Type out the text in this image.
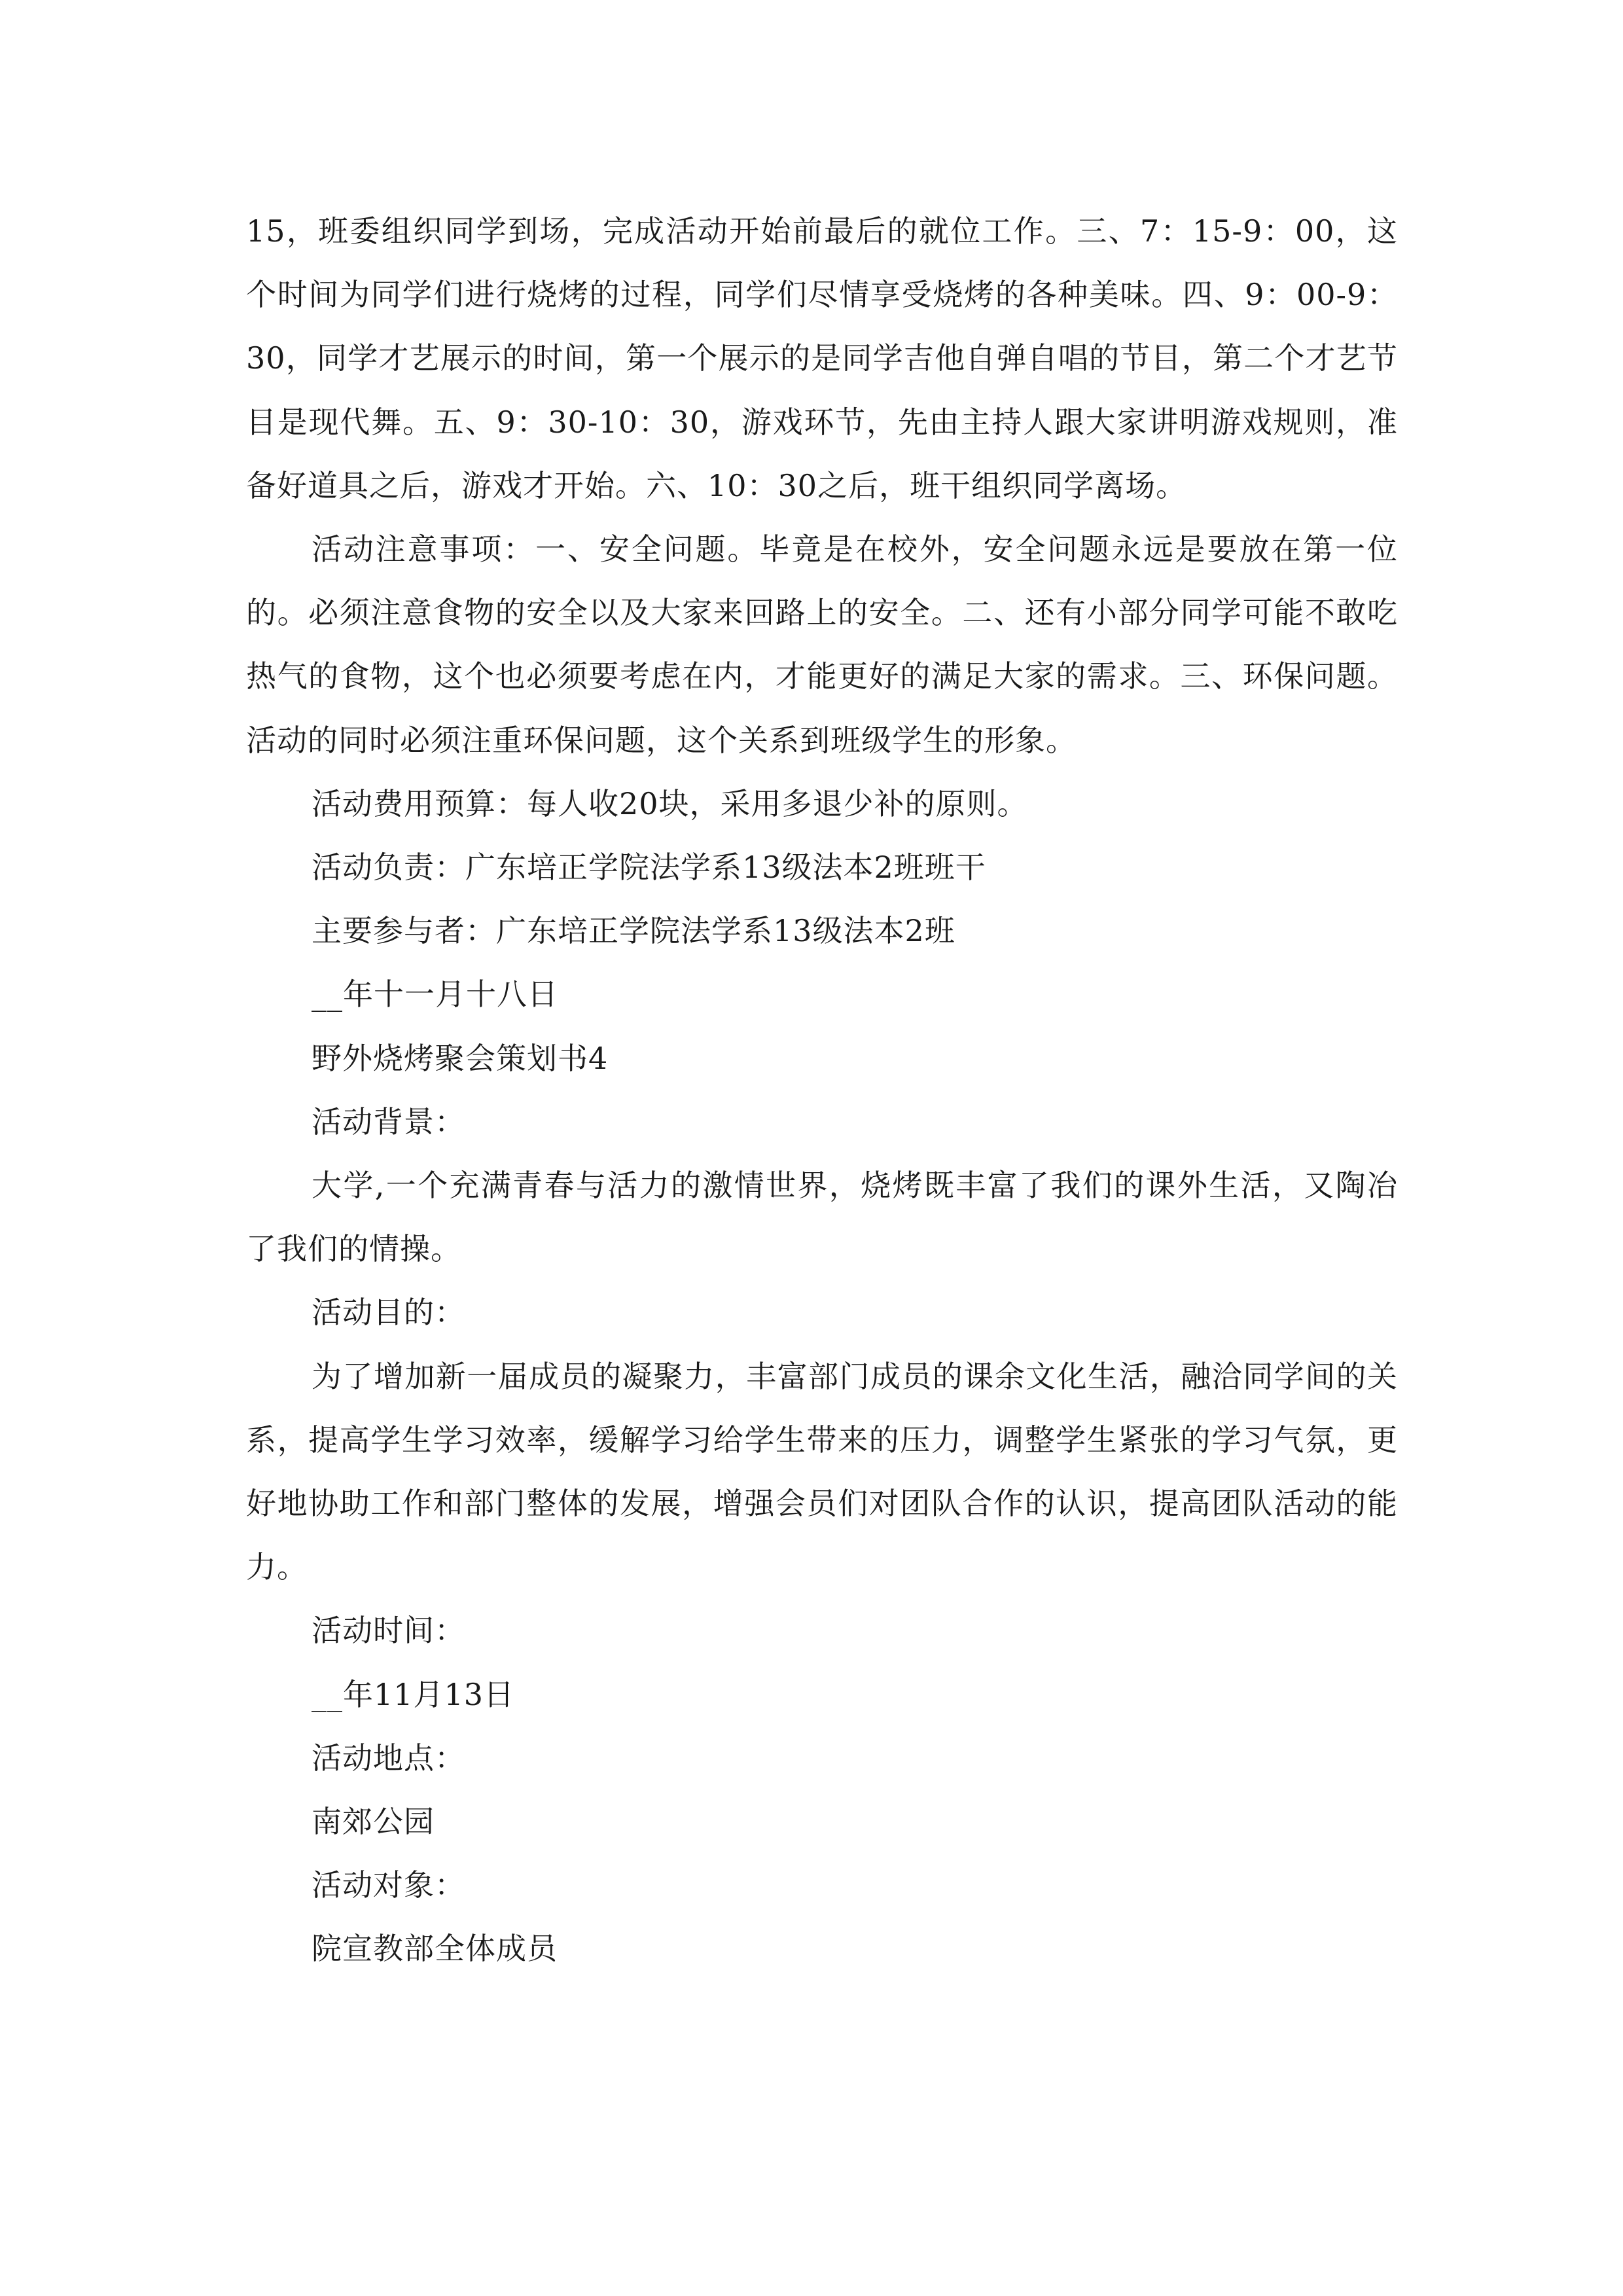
15，班委组织同学到场，完成活动开始前最后的就位工作。三、7：15-9：00，这个时间为同学们进行烧烤的过程，同学们尽情享受烧烤的各种美味。四、9：00-9：30，同学才艺展示的时间，第一个展示的是同学吉他自弹自唱的节目，第二个才艺节目是现代舞。五、9：30-10：30，游戏环节，先由主持人跟大家讲明游戏规则，准备好道具之后，游戏才开始。六、10：30之后，班干组织同学离场。

活动注意事项：一、安全问题。毕竟是在校外，安全问题永远是要放在第一位的。必须注意食物的安全以及大家来回路上的安全。二、还有小部分同学可能不敢吃热气的食物，这个也必须要考虑在内，才能更好的满足大家的需求。三、环保问题。活动的同时必须注重环保问题，这个关系到班级学生的形象。

活动费用预算：每人收20块，采用多退少补的原则。

活动负责：广东培正学院法学系13级法本2班班干

主要参与者：广东培正学院法学系13级法本2班

__年十一月十八日

野外烧烤聚会策划书4

活动背景：

大学,一个充满青春与活力的激情世界，烧烤既丰富了我们的课外生活，又陶冶了我们的情操。

活动目的：

为了增加新一届成员的凝聚力，丰富部门成员的课余文化生活，融洽同学间的关系，提高学生学习效率，缓解学习给学生带来的压力，调整学生紧张的学习气氛，更好地协助工作和部门整体的发展，增强会员们对团队合作的认识，提高团队活动的能力。

活动时间：

__年11月13日

活动地点：

南郊公园

活动对象：

院宣教部全体成员
